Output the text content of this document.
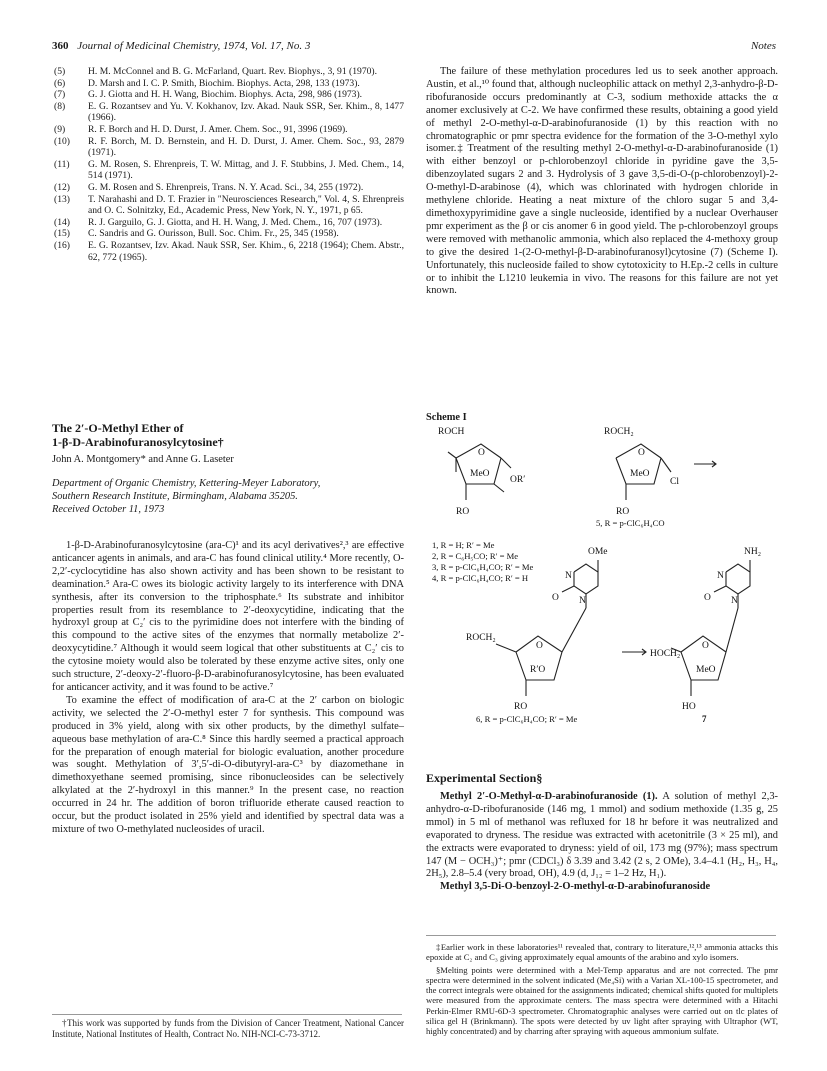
360 Journal of Medicinal Chemistry, 1974, Vol. 17, No. 3	Notes

(5) H. M. McConnel and B. G. McFarland, Quart. Rev. Biophys., 3, 91 (1970).

(6) D. Marsh and I. C. P. Smith, Biochim. Biophys. Acta, 298, 133 (1973).

(7) G. J. Giotta and H. H. Wang, Biochim. Biophys. Acta, 298, 986 (1973).

(8) E. G. Rozantsev and Yu. V. Kokhanov, Izv. Akad. Nauk SSR, Ser. Khim., 8, 1477 (1966).

(9) R. F. Borch and H. D. Durst, J. Amer. Chem. Soc., 91, 3996 (1969).

(10) R. F. Borch, M. D. Bernstein, and H. D. Durst, J. Amer. Chem. Soc., 93, 2879 (1971).

(11) G. M. Rosen, S. Ehrenpreis, T. W. Mittag, and J. F. Stubbins, J. Med. Chem., 14, 514 (1971).

(12) G. M. Rosen and S. Ehrenpreis, Trans. N. Y. Acad. Sci., 34, 255 (1972).

(13) T. Narahashi and D. T. Frazier in "Neurosciences Research," Vol. 4, S. Ehrenpreis and O. C. Solnitzky, Ed., Academic Press, New York, N. Y., 1971, p 65.

(14) R. J. Garguilo, G. J. Giotta, and H. H. Wang, J. Med. Chem., 16, 707 (1973).

(15) C. Sandris and G. Ourisson, Bull. Soc. Chim. Fr., 25, 345 (1958).

(16) E. G. Rozantsev, Izv. Akad. Nauk SSR, Ser. Khim., 6, 2218 (1964); Chem. Abstr., 62, 772 (1965).

The 2′-O-Methyl Ether of
1-β-D-Arabinofuranosylcytosine†
John A. Montgomery* and Anne G. Laseter
Department of Organic Chemistry, Kettering-Meyer Laboratory,
Southern Research Institute, Birmingham, Alabama 35205.
Received October 11, 1973

1-β-D-Arabinofuranosylcytosine (ara-C)¹ and its acyl derivatives²,³ are effective anticancer agents in animals, and ara-C has found clinical utility.⁴ More recently, O-2,2′-cyclocytidine has also shown activity and has been shown to be resistant to deamination.⁵ Ara-C owes its biologic activity largely to its interference with DNA synthesis, after its conversion to the triphosphate.⁶ Its substrate and inhibitor properties result from its resemblance to 2′-deoxycytidine, indicating that the hydroxyl group at C₂′ cis to the pyrimidine does not interfere with the binding of this compound to the active sites of the enzymes that normally metabolize 2′-deoxycytidine.⁷ Although it would seem logical that other substituents at C₂′ cis to the cytosine moiety would also be tolerated by these enzyme active sites, only one such structure, 2′-deoxy-2′-fluoro-β-D-arabinofuranosylcytosine, has been evaluated for anticancer activity, and it was found to be active.⁷

To examine the effect of modification of ara-C at the 2′ carbon on biologic activity, we selected the 2′-O-methyl ester 7 for synthesis. This compound was produced in 3% yield, along with six other products, by the dimethyl sulfate–aqueous base methylation of ara-C.⁸ Since this hardly seemed a practical approach for the preparation of enough material for biologic evaluation, another procedure was sought. Methylation of 3′,5′-di-O-dibutyryl-ara-C³ by diazomethane in dimethoxyethane seemed promising, since ribonucleosides can be selectively alkylated at the 2′-hydroxyl in this manner.⁹ In the present case, no reaction occurred in 24 hr. The addition of boron trifluoride etherate caused reaction to occur, but the product isolated in 25% yield and identified by spectral data was a mixture of two O-methylated nucleosides of uracil.

†This work was supported by funds from the Division of Cancer Treatment, National Cancer Institute, National Institutes of Health, Contract No. NIH-NCI-C-73-3712.

The failure of these methylation procedures led us to seek another approach. Austin, et al.,¹⁰ found that, although nucleophilic attack on methyl 2,3-anhydro-β-D-ribofuranoside occurs predominantly at C-3, sodium methoxide attacks the α anomer exclusively at C-2. We have confirmed these results, obtaining a good yield of methyl 2-O-methyl-α-D-arabinofuranoside (1) by this reaction with no chromatographic or pmr spectra evidence for the formation of the 3-O-methyl xylo isomer.‡ Treatment of the resulting methyl 2-O-methyl-α-D-arabinofuranoside (1) with either benzoyl or p-chlorobenzoyl chloride in pyridine gave the 3,5-dibenzoylated sugars 2 and 3. Hydrolysis of 3 gave 3,5-di-O-(p-chlorobenzoyl)-2-O-methyl-D-arabinose (4), which was chlorinated with hydrogen chloride in methylene chloride. Heating a neat mixture of the chloro sugar 5 and 3,4-dimethoxypyrimidine gave a single nucleoside, identified by a nuclear Overhauser pmr experiment as the β or cis anomer 6 in good yield. The p-chlorobenzoyl groups were removed with methanolic ammonia, which also replaced the 4-methoxy group to give the desired 1-(2-O-methyl-β-D-arabinofuranosyl)cytosine (7) (Scheme I). Unfortunately, this nucleoside failed to show cytotoxicity to H.Ep.-2 cells in culture or to inhibit the L1210 leukemia in vivo. The reasons for this failure are not yet known.

Scheme I
ROCH
O
MeO
OR′
RO
1, R = H; R′ = Me
2, R = C₆H₅CO; R′ = Me
3, R = p-ClC₆H₄CO; R′ = Me
4, R = p-ClC₆H₄CO; R′ = H
ROCH₂
O
MeO
Cl
RO
5, R = p-ClC₆H₄CO
OMe
N
O N
ROCH₂
O
R′O
RO
6, R = p-ClC₆H₄CO; R′ = Me
NH₂
N
O N
HOCH₂
O
MeO
HO
7
Experimental Section§

Methyl 2′-O-Methyl-α-D-arabinofuranoside (1). A solution of methyl 2,3-anhydro-α-D-ribofuranoside (146 mg, 1 mmol) and sodium methoxide (1.35 g, 25 mmol) in 5 ml of methanol was refluxed for 18 hr before it was neutralized and evaporated to dryness. The residue was extracted with acetonitrile (3 × 25 ml), and the extracts were evaporated to dryness: yield of oil, 173 mg (97%); mass spectrum 147 (M − OCH₃)⁺; pmr (CDCl₃) δ 3.39 and 3.42 (2 s, 2 OMe), 3.4–4.1 (H₂, H₃, H₄, 2H₅), 2.8–5.4 (very broad, OH), 4.9 (d, J₁₂ = 1–2 Hz, H₁).

Methyl 3,5-Di-O-benzoyl-2-O-methyl-α-D-arabinofuranoside

‡Earlier work in these laboratories¹¹ revealed that, contrary to literature,¹²,¹³ ammonia attacks this epoxide at C₂ and C₃ giving approximately equal amounts of the arabino and xylo isomers.

§Melting points were determined with a Mel-Temp apparatus and are not corrected. The pmr spectra were determined in the solvent indicated (Me₄Si) with a Varian XL-100-15 spectrometer, and the correct integrals were obtained for the assignments indicated; chemical shifts quoted for multiplets were measured from the approximate centers. The mass spectra were determined with a Hitachi Perkin-Elmer RMU-6D-3 spectrometer. Chromatographic analyses were carried out on tlc plates of silica gel H (Brinkmann). The spots were detected by uv light after spraying with Ultraphor (WT, highly concentrated) and by charring after spraying with aqueous ammonium sulfate.
